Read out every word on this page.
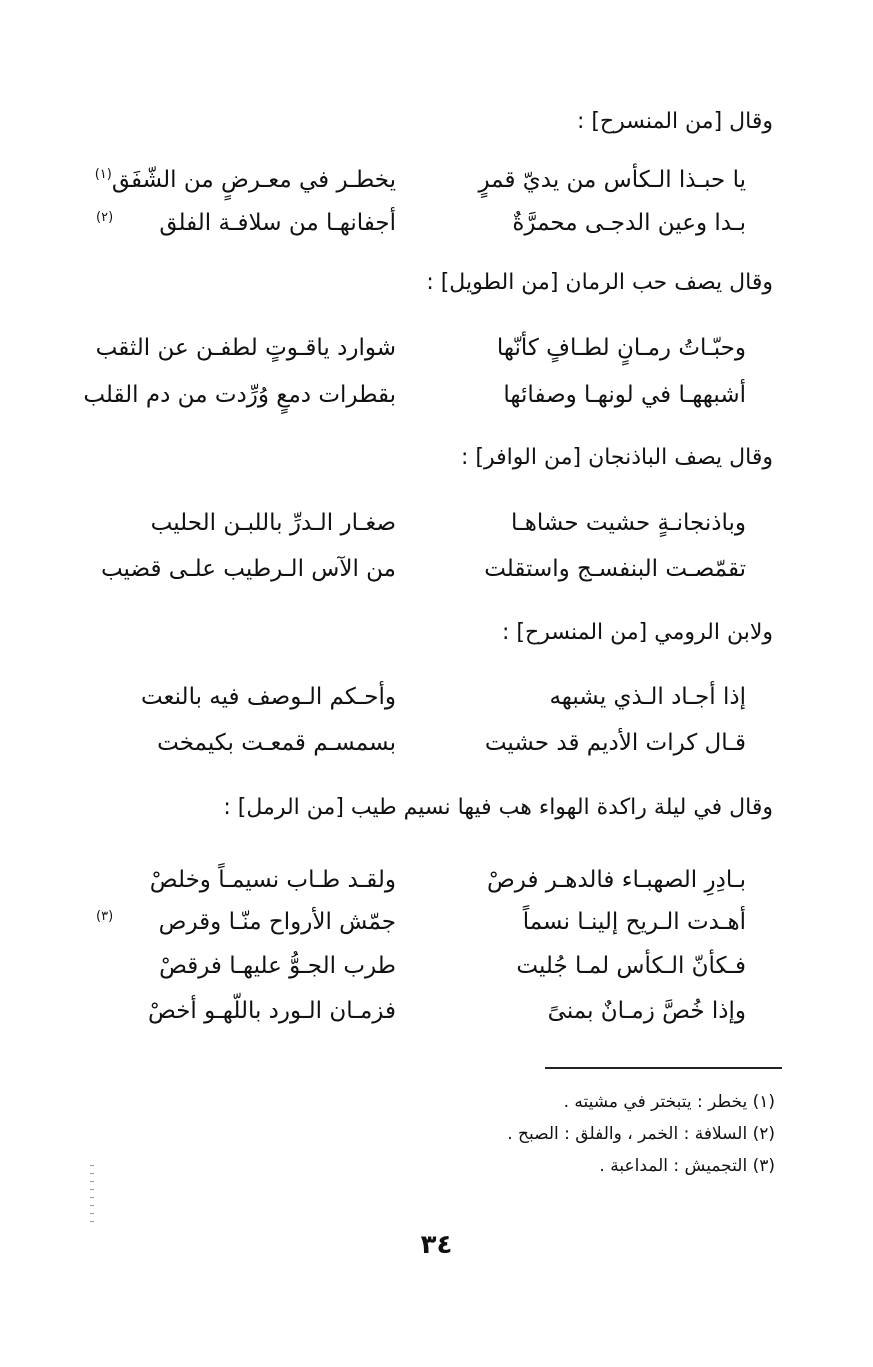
وقال [من المنسرح] :
يا حبـذا الـكأس من يديّ قمرٍ
يخطـر في معـرضٍ من الشّفَق
(١)
بـدا وعين الدجـى محمرَّةٌ
أجفانهـا من سلافـة الفلق
(٢)
وقال يصف حب الرمان [من الطويل] :
وحبّـاتُ رمـانٍ لطـافٍ كأنّها
شوارد ياقـوتٍ لطفـن عن الثقب
أشبههـا في لونهـا وصفائها
بقطرات دمعٍ وُرِّدت من دم القلب
وقال يصف الباذنجان [من الوافر] :
وباذنجانـةٍ حشيت حشاهـا
صغـار الـدرِّ باللبـن الحليب
تقمّصـت البنفسـج واستقلت
من الآس الـرطيب علـى قضيب
ولابن الرومي [من المنسرح] :
إذا أجـاد الـذي يشبهه
وأحـكم الـوصف فيه بالنعت
قـال كرات الأديم قد حشيت
بسمسـم قمعـت بكيمخت
وقال في ليلة راكدة الهواء هب فيها نسيم طيب [من الرمل] :
بـادِرِ الصهبـاء فالدهـر فرصْ
ولقـد طـاب نسيمـاً وخلصْ
أهـدت الـريح إلينـا نسماً
جمّش الأرواح منّـا وقرص
(٣)
فـكأنّ الـكأس لمـا جُليت
طرب الجـوُّ عليهـا فرقصْ
وإذا خُصَّ زمـانٌ بمنىً
فزمـان الـورد باللّهـو أخصْ
(١) يخطر : يتبختر في مشيته .
(٢) السلافة : الخمر ، والفلق : الصبح .
(٣) التجميش : المداعبة .
٣٤
